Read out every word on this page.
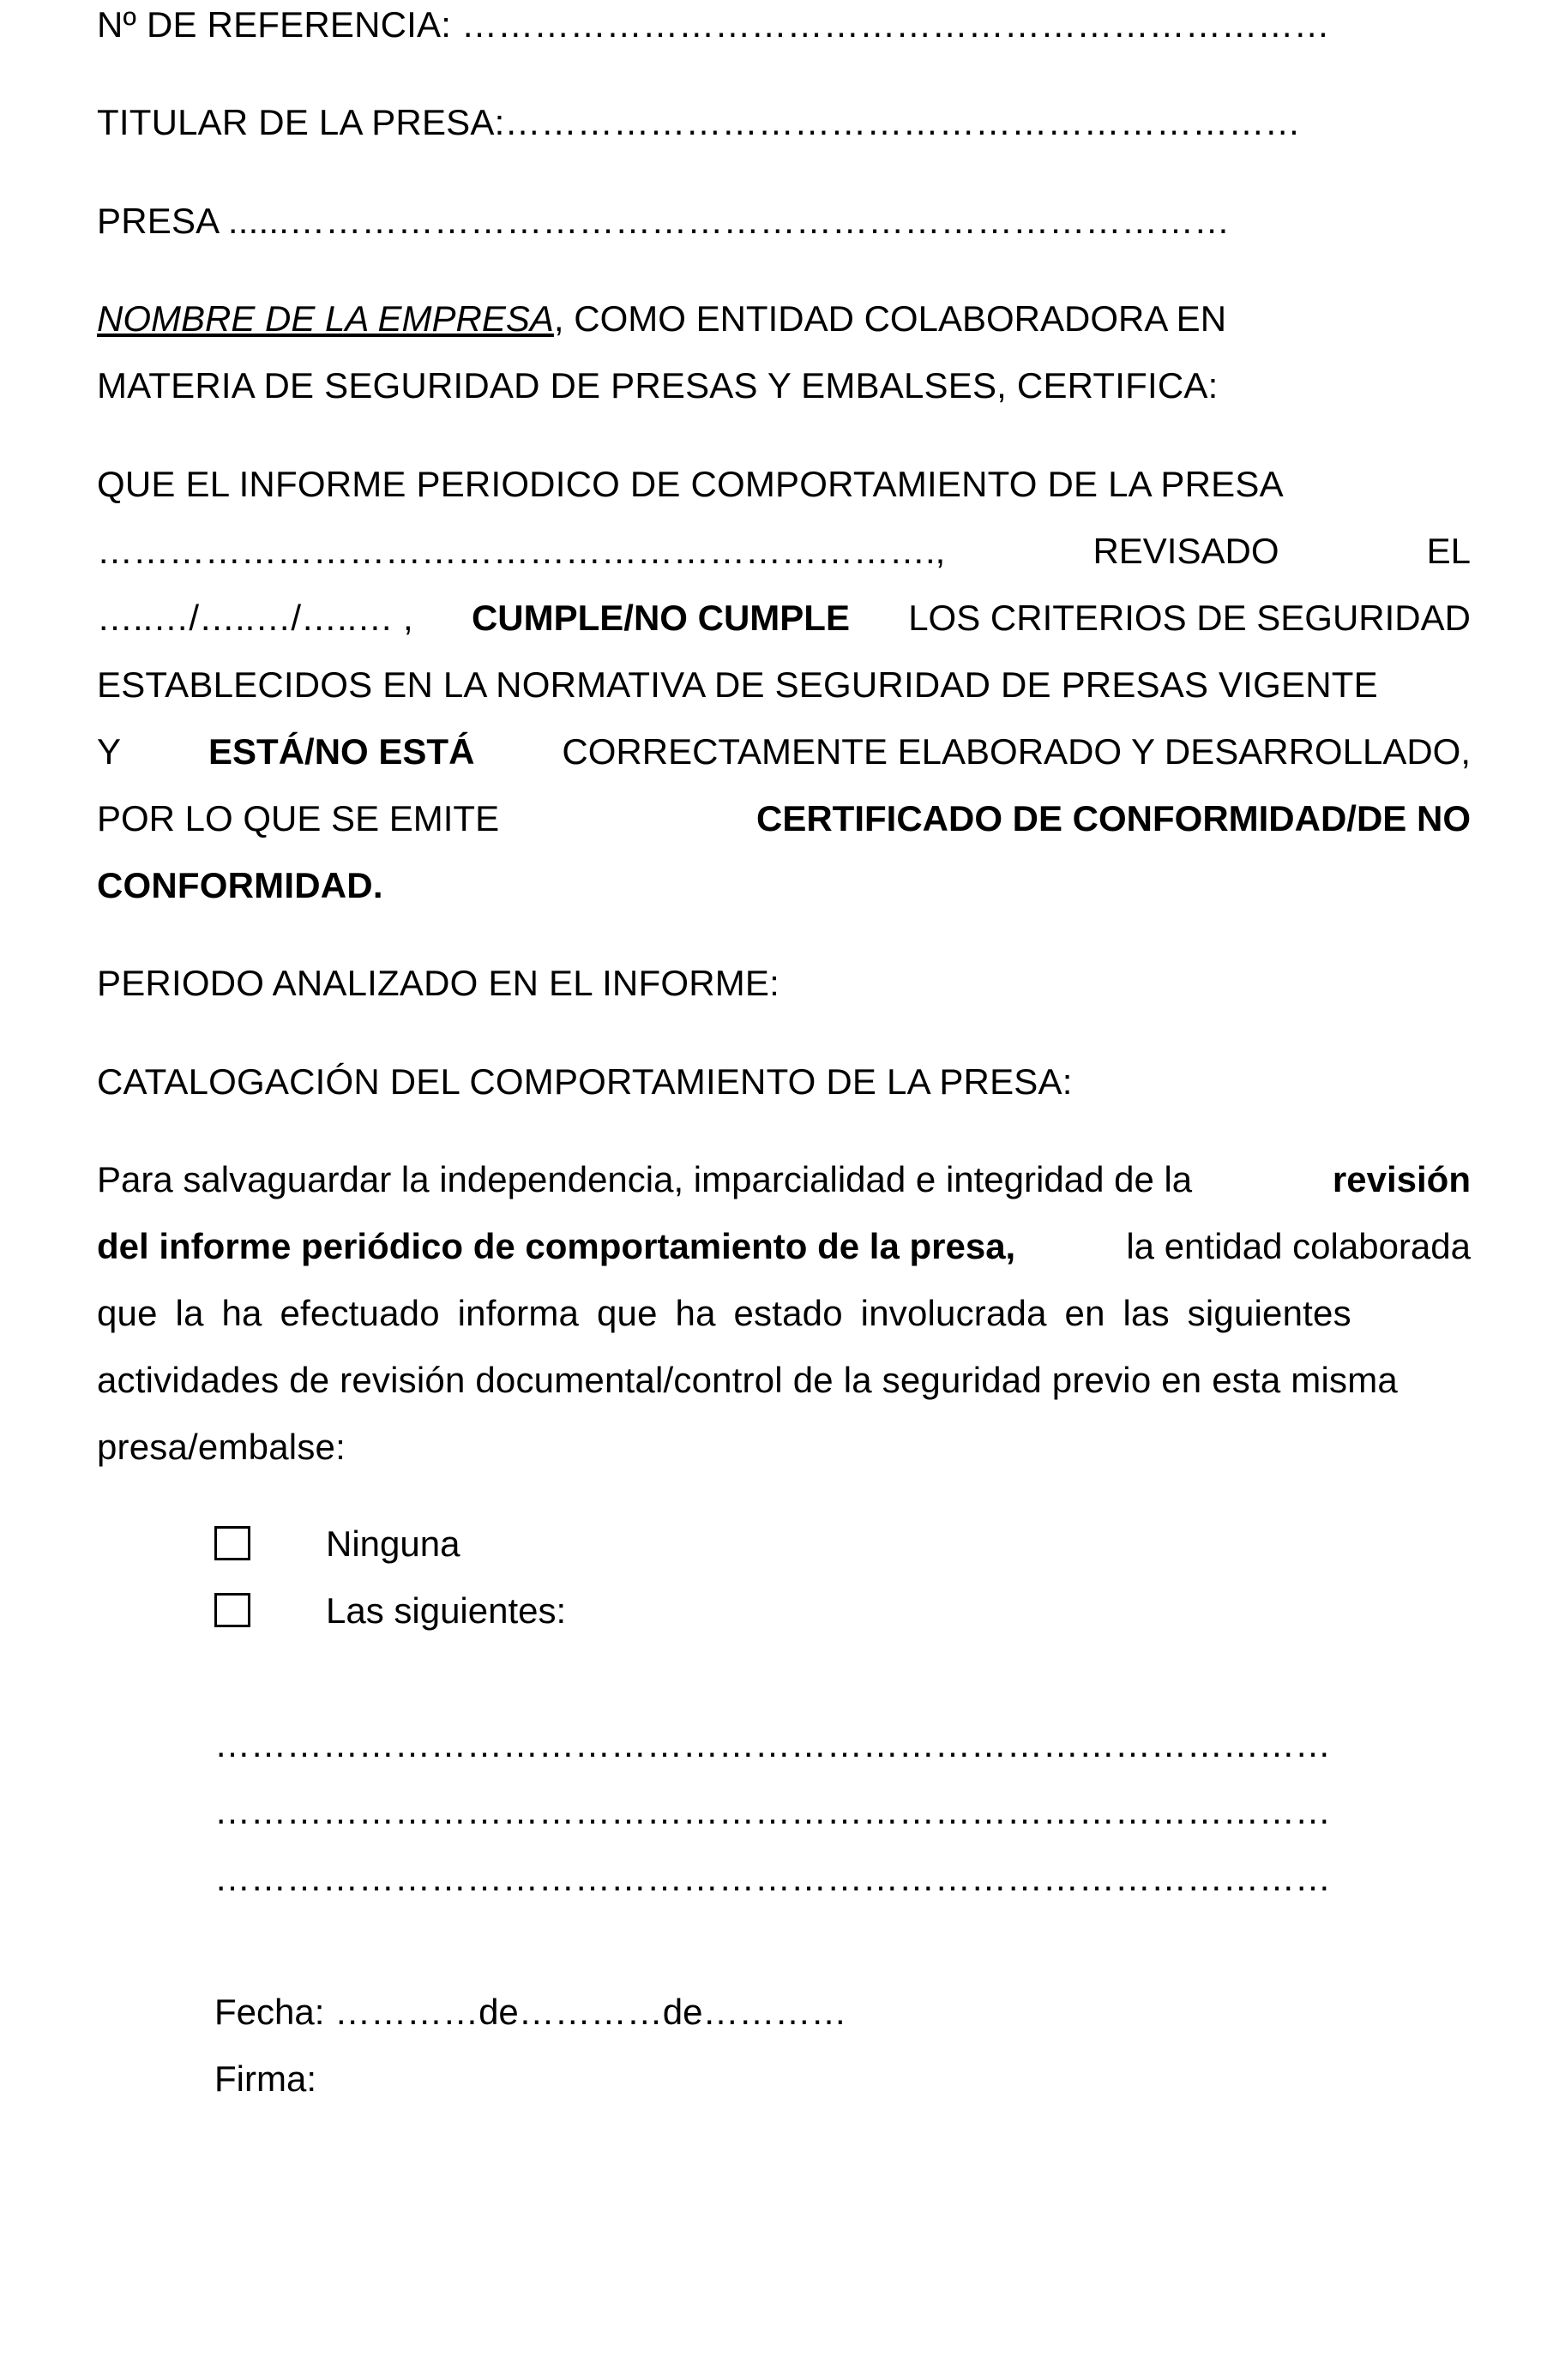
Nº DE REFERENCIA: ………………………………………………………………
TITULAR DE LA PRESA:…………………………………………………………
PRESA ......……………………………………………………………………
NOMBRE DE LA EMPRESA, COMO ENTIDAD COLABORADORA EN
MATERIA DE SEGURIDAD DE PRESAS Y EMBALSES, CERTIFICA:
QUE EL INFORME PERIODICO DE COMPORTAMIENTO DE LA PRESA
…………………………………………………………….,	REVISADO	EL
…..…/…..…/…..… , CUMPLE/NO CUMPLE LOS CRITERIOS DE SEGURIDAD
ESTABLECIDOS EN LA NORMATIVA DE SEGURIDAD DE PRESAS VIGENTE
Y ESTÁ/NO ESTÁ CORRECTAMENTE ELABORADO Y DESARROLLADO,
POR LO QUE SE EMITE	CERTIFICADO DE CONFORMIDAD/DE NO
CONFORMIDAD.
PERIODO ANALIZADO EN EL INFORME:
CATALOGACIÓN DEL COMPORTAMIENTO DE LA PRESA:
Para salvaguardar la independencia, imparcialidad e integridad de la	revisión
del informe periódico de comportamiento de la presa,	la entidad colaborada
que la ha efectuado informa que ha estado involucrada en las siguientes
actividades de revisión documental/control de la seguridad previo en esta misma
presa/embalse:
Ninguna
Las siguientes:
…………………………………………………………………………………
…………………………………………………………………………………
…………………………………………………………………………………
Fecha: …………de…………de…………
Firma:
